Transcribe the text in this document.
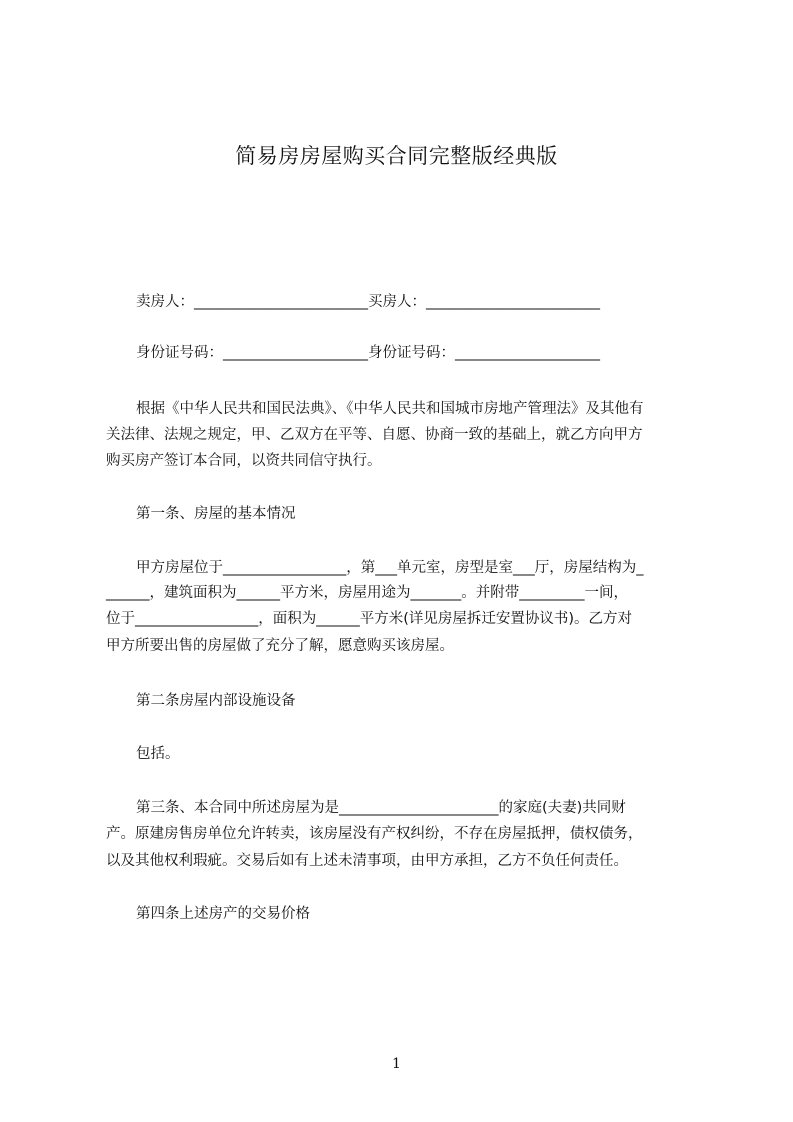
简易房房屋购买合同完整版经典版
卖房人：________________________买房人：________________________
身份证号码：____________________身份证号码：____________________
根据《中华人民共和国民法典》、《中华人民共和国城市房地产管理法》及其他有
关法律、法规之规定，甲、乙双方在平等、自愿、协商一致的基础上，就乙方向甲方
购买房产签订本合同，以资共同信守执行。
第一条、房屋的基本情况
甲方房屋位于_________________，第___单元室，房型是室___厅，房屋结构为_
______，建筑面积为______平方米，房屋用途为_______。并附带_________一间，
位于_________________，面积为______平方米(详见房屋拆迁安置协议书)。乙方对
甲方所要出售的房屋做了充分了解，愿意购买该房屋。
第二条房屋内部设施设备
包括。
第三条、本合同中所述房屋为是______________________的家庭(夫妻)共同财
产。原建房售房单位允许转卖，该房屋没有产权纠纷，不存在房屋抵押，债权债务，
以及其他权利瑕疵。交易后如有上述未清事项，由甲方承担，乙方不负任何责任。
第四条上述房产的交易价格
1
